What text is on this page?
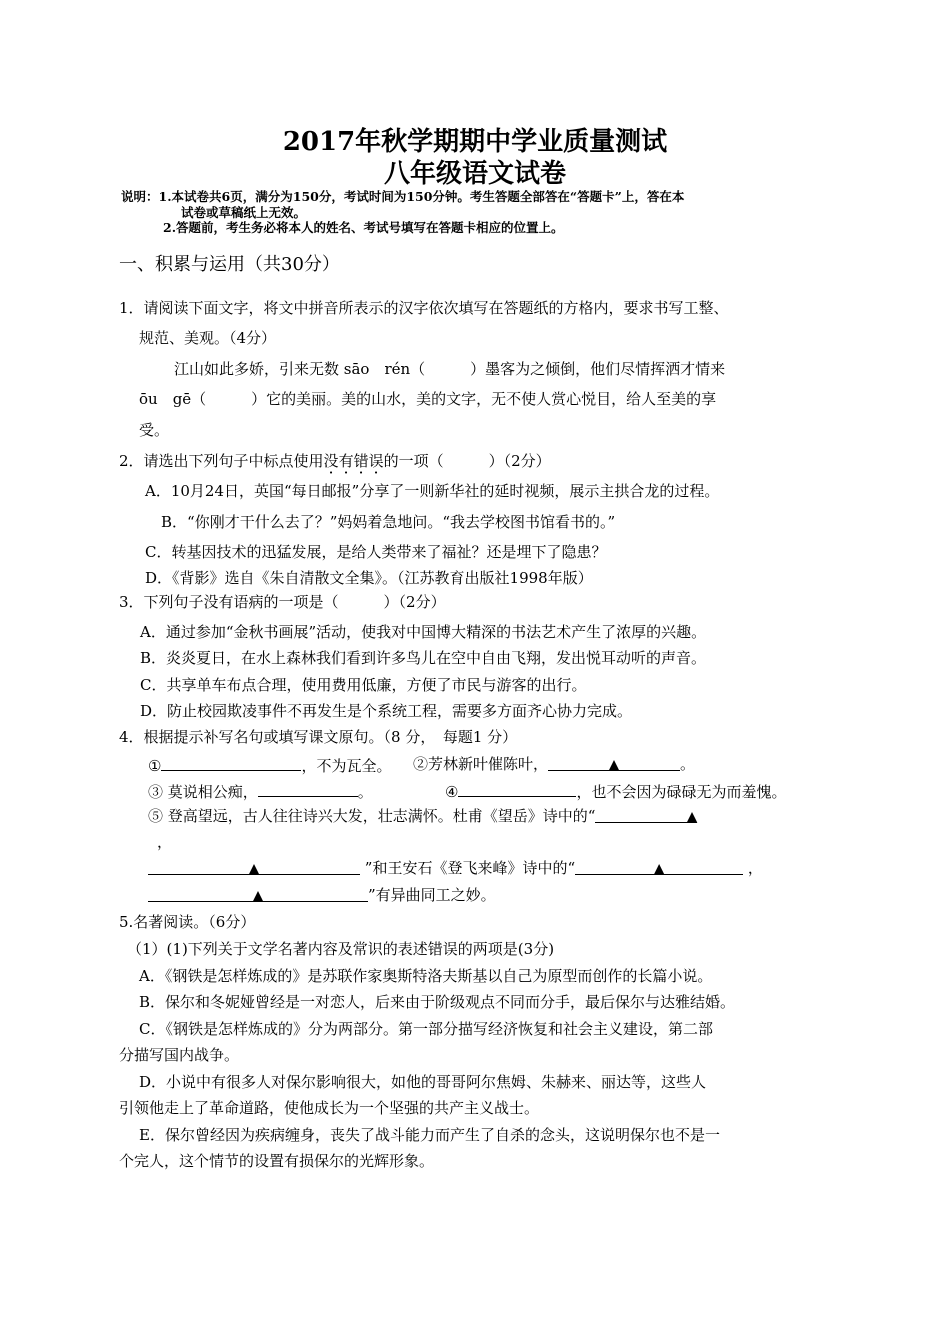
2017年秋学期期中学业质量测试
八年级语文试卷
说明：1.本试卷共6页，满分为150分，考试时间为150分钟。考生答题全部答在“答题卡”上，答在本
试卷或草稿纸上无效。
2.答题前，考生务必将本人的姓名、考试号填写在答题卡相应的位置上。
一、积累与运用（共30分）
1．请阅读下面文字，将文中拼音所表示的汉字依次填写在答题纸的方格内，要求书写工整、
规范、美观。（4分）
江山如此多娇，引来无数 sāo　rén（　　　）墨客为之倾倒，他们尽情挥洒才情来
ōu　gē（　　　）它的美丽。美的山水，美的文字，无不使人赏心悦目，给人至美的享
受。
2．请选出下列句子中标点使用没有错误的一项（　　　）（2分）
A．10月24日，英国“每日邮报”分享了一则新华社的延时视频，展示主拱合龙的过程。
B．“你刚才干什么去了？”妈妈着急地问。“我去学校图书馆看书的。”
C．转基因技术的迅猛发展，是给人类带来了福祉？还是埋下了隐患？
D．《背影》选自《朱自清散文全集》。（江苏教育出版社1998年版）
3．下列句子没有语病的一项是（　　　）（2分）
A．通过参加“金秋书画展”活动，使我对中国博大精深的书法艺术产生了浓厚的兴趣。
B．炎炎夏日，在水上森林我们看到许多鸟儿在空中自由飞翔，发出悦耳动听的声音。
C．共享单车布点合理，使用费用低廉，方便了市民与游客的出行。
D．防止校园欺凌事件不再发生是个系统工程，需要多方面齐心协力完成。
4．根据提示补写名句或填写课文原句。（8 分，　每题1 分）
①	，不为瓦全。 ②芳林新叶催陈叶，	▲	。
③ 莫说相公痴，	。	④	，也不会因为碌碌无为而羞愧。
⑤ 登高望远，古人往往诗兴大发，壮志满怀。杜甫《望岳》诗中的“	▲
，
▲	”和王安石《登飞来峰》诗中的“	▲	，
▲	”有异曲同工之妙。
5.名著阅读。（6分）
（1）(1)下列关于文学名著内容及常识的表述错误的两项是(3分)
A．《钢铁是怎样炼成的》是苏联作家奥斯特洛夫斯基以自己为原型而创作的长篇小说。
B．保尔和冬妮娅曾经是一对恋人，后来由于阶级观点不同而分手，最后保尔与达雅结婚。
C．《钢铁是怎样炼成的》分为两部分。第一部分描写经济恢复和社会主义建设，第二部
分描写国内战争。
D．小说中有很多人对保尔影响很大，如他的哥哥阿尔焦姆、朱赫来、丽达等，这些人
引领他走上了革命道路，使他成长为一个坚强的共产主义战士。
E．保尔曾经因为疾病缠身，丧失了战斗能力而产生了自杀的念头，这说明保尔也不是一
个完人，这个情节的设置有损保尔的光辉形象。
